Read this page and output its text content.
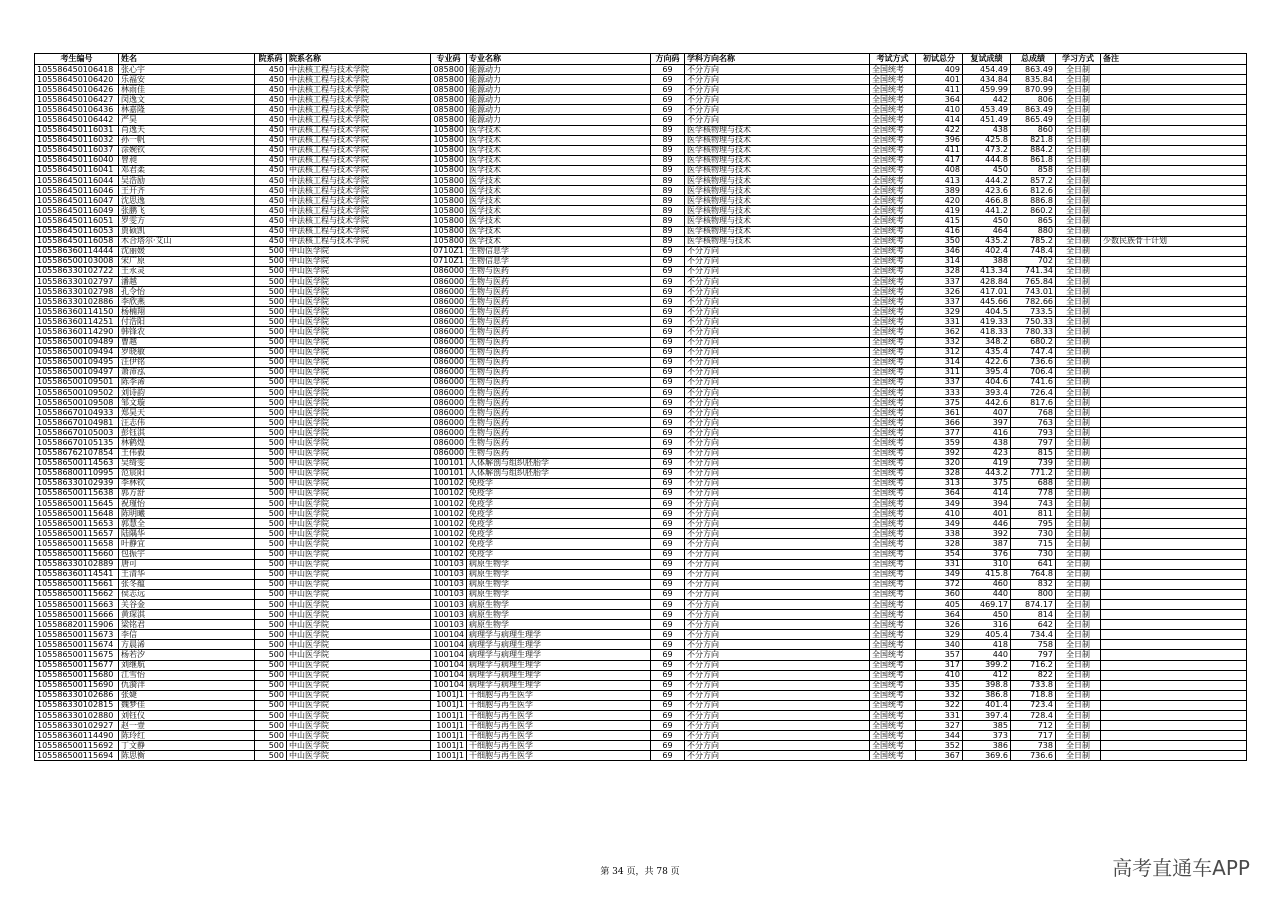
考生编号	姓名	院系码	院系名称	专业码	专业名称	方向码	学科方向名称	考试方式	初试总分	复试成绩	总成绩	学习方式	备注
10558645010641‌8	张心宇	450	中法核工程与技术学院	085800	能源动力	69	不分方向	全国统考	409	454.49	863.49	全日制	
105586450106420	乐福安	450	中法核工程与技术学院	085800	能源动力	69	不分方向	全国统考	401	434.84	835.84	全日制	
105586450106426	林雨佳	450	中法核工程与技术学院	085800	能源动力	69	不分方向	全国统考	411	459.99	870.99	全日制	
105586450106427	闵逸文	450	中法核工程与技术学院	085800	能源动力	69	不分方向	全国统考	364	442	806	全日制	
105586450106436	林嘉隆	450	中法核工程与技术学院	085800	能源动力	69	不分方向	全国统考	410	453.49	863.49	全日制	
105586450106442	严昊	450	中法核工程与技术学院	085800	能源动力	69	不分方向	全国统考	414	451.49	865.49	全日制	
105586450116031	肖逸天	450	中法核工程与技术学院	105800	医学技术	89	医学核物理与技术	全国统考	422	438	860	全日制	
105586450116032	孙一帆	450	中法核工程与技术学院	105800	医学技术	89	医学核物理与技术	全国统考	396	425.8	821.8	全日制	
105586450116037	涂婉钦	450	中法核工程与技术学院	105800	医学技术	89	医学核物理与技术	全国统考	411	473.2	884.2	全日制	
105586450116040	曾昶	450	中法核工程与技术学院	105800	医学技术	89	医学核物理与技术	全国统考	417	444.8	861.8	全日制	
105586450116041	邓君柔	450	中法核工程与技术学院	105800	医学技术	89	医学核物理与技术	全国统考	408	450	858	全日制	
105586450116044	吴浩励	450	中法核工程与技术学院	105800	医学技术	89	医学核物理与技术	全国统考	413	444.2	857.2	全日制	
105586450116046	王开齐	450	中法核工程与技术学院	105800	医学技术	89	医学核物理与技术	全国统考	389	423.6	812.6	全日制	
105586450116047	沈思逸	450	中法核工程与技术学院	105800	医学技术	89	医学核物理与技术	全国统考	420	466.8	886.8	全日制	
105586450116049	张鹏飞	450	中法核工程与技术学院	105800	医学技术	89	医学核物理与技术	全国统考	419	441.2	860.2	全日制	
105586450116051	罗雯方	450	中法核工程与技术学院	105800	医学技术	89	医学核物理与技术	全国统考	415	450	865	全日制	
105586450116053	贾硕凯	450	中法核工程与技术学院	105800	医学技术	89	医学核物理与技术	全国统考	416	464	880	全日制	
105586450116058	木合塔尔·艾山	450	中法核工程与技术学院	105800	医学技术	89	医学核物理与技术	全国统考	350	435.2	785.2	全日制	少数民族骨干计划
105586360114444	沈丽媛	500	中山医学院	0710Z1	生物信息学	69	不分方向	全国统考	346	402.4	748.4	全日制	
105586500103008	宋广原	500	中山医学院	0710Z1	生物信息学	69	不分方向	全国统考	314	388	702	全日制	
105586330102722	王永灵	500	中山医学院	086000	生物与医药	69	不分方向	全国统考	328	413.34	741.34	全日制	
105586330102797	潘越	500	中山医学院	086000	生物与医药	69	不分方向	全国统考	337	428.84	765.84	全日制	
105586330102798	孔令怡	500	中山医学院	086000	生物与医药	69	不分方向	全国统考	326	417.01	743.01	全日制	
105586330102886	李欣燕	500	中山医学院	086000	生物与医药	69	不分方向	全国统考	337	445.66	782.66	全日制	
105586360114150	杨楠翔	500	中山医学院	086000	生物与医药	69	不分方向	全国统考	329	404.5	733.5	全日制	
105586360114251	付浩阳	500	中山医学院	086000	生物与医药	69	不分方向	全国统考	331	419.33	750.33	全日制	
105586360114290	韩锋农	500	中山医学院	086000	生物与医药	69	不分方向	全国统考	362	418.33	780.33	全日制	
105586500109489	曹越	500	中山医学院	086000	生物与医药	69	不分方向	全国统考	332	348.2	680.2	全日制	
105586500109494	罗晓敏	500	中山医学院	086000	生物与医药	69	不分方向	全国统考	312	435.4	747.4	全日制	
105586500109495	汪伊铭	500	中山医学院	086000	生物与医药	69	不分方向	全国统考	314	422.6	736.6	全日制	
105586500109497	萧沛泓	500	中山医学院	086000	生物与医药	69	不分方向	全国统考	311	395.4	706.4	全日制	
105586500109501	陈李浠	500	中山医学院	086000	生物与医药	69	不分方向	全国统考	337	404.6	741.6	全日制	
105586500109502	刘诗韵	500	中山医学院	086000	生物与医药	69	不分方向	全国统考	333	393.4	726.4	全日制	
105586500109508	邹文璇	500	中山医学院	086000	生物与医药	69	不分方向	全国统考	375	442.6	817.6	全日制	
105586670104933	郑昊天	500	中山医学院	086000	生物与医药	69	不分方向	全国统考	361	407	768	全日制	
105586670104981	汪志伟	500	中山医学院	086000	生物与医药	69	不分方向	全国统考	366	397	763	全日制	
105586670105003	彭钰淇	500	中山医学院	086000	生物与医药	69	不分方向	全国统考	377	416	793	全日制	
105586670105135	林鹤煌	500	中山医学院	086000	生物与医药	69	不分方向	全国统考	359	438	797	全日制	
105586762107854	王伟毅	500	中山医学院	086000	生物与医药	69	不分方向	全国统考	392	423	815	全日制	
105586500114563	吴绮雯	500	中山医学院	100101	人体解剖与组织胚胎学	69	不分方向	全国统考	320	419	739	全日制	
105586800110995	范宸阳	500	中山医学院	100101	人体解剖与组织胚胎学	69	不分方向	全国统考	328	443.2	771.2	全日制	
105586330102939	李林钦	500	中山医学院	100102	免疫学	69	不分方向	全国统考	313	375	688	全日制	
105586500115638	郭方舒	500	中山医学院	100102	免疫学	69	不分方向	全国统考	364	414	778	全日制	
105586500115645	祝瑾怡	500	中山医学院	100102	免疫学	69	不分方向	全国统考	349	394	743	全日制	
105586500115648	陈明曦	500	中山医学院	100102	免疫学	69	不分方向	全国统考	410	401	811	全日制	
105586500115653	郭慧全	500	中山医学院	100102	免疫学	69	不分方向	全国统考	349	446	795	全日制	
105586500115657	陆隅华	500	中山医学院	100102	免疫学	69	不分方向	全国统考	338	392	730	全日制	
105586500115658	叶静宜	500	中山医学院	100102	免疫学	69	不分方向	全国统考	328	387	715	全日制	
105586500115660	包振宇	500	中山医学院	100102	免疫学	69	不分方向	全国统考	354	376	730	全日制	
105586330102889	唐可	500	中山医学院	100103	病原生物学	69	不分方向	全国统考	331	310	641	全日制	
105586360114541	王清华	500	中山医学院	100103	病原生物学	69	不分方向	全国统考	349	415.8	764.8	全日制	
105586500115661	张冬蕴	500	中山医学院	100103	病原生物学	69	不分方向	全国统考	372	460	832	全日制	
105586500115662	侯志远	500	中山医学院	100103	病原生物学	69	不分方向	全国统考	360	440	800	全日制	
105586500115663	关谷金	500	中山医学院	100103	病原生物学	69	不分方向	全国统考	405	469.17	874.17	全日制	
105586500115666	黄琛淇	500	中山医学院	100103	病原生物学	69	不分方向	全国统考	364	450	814	全日制	
105586820115906	梁铭君	500	中山医学院	100103	病原生物学	69	不分方向	全国统考	326	316	642	全日制	
105586500115673	李信	500	中山医学院	100104	病理学与病理生理学	69	不分方向	全国统考	329	405.4	734.4	全日制	
105586500115674	方晨浠	500	中山医学院	100104	病理学与病理生理学	69	不分方向	全国统考	340	418	758	全日制	
105586500115675	杨若汐	500	中山医学院	100104	病理学与病理生理学	69	不分方向	全国统考	357	440	797	全日制	
105586500115677	刘继航	500	中山医学院	100104	病理学与病理生理学	69	不分方向	全国统考	317	399.2	716.2	全日制	
105586500115680	江雪怡	500	中山医学院	100104	病理学与病理生理学	69	不分方向	全国统考	410	412	822	全日制	
105586500115690	仇漪洋	500	中山医学院	100104	病理学与病理生理学	69	不分方向	全国统考	335	398.8	733.8	全日制	
105586330102686	张婕	500	中山医学院	1001J1	干细胞与再生医学	69	不分方向	全国统考	332	386.8	718.8	全日制	
105586330102815	魏梦佳	500	中山医学院	1001J1	干细胞与再生医学	69	不分方向	全国统考	322	401.4	723.4	全日制	
105586330102880	刘钰仪	500	中山医学院	1001J1	干细胞与再生医学	69	不分方向	全国统考	331	397.4	728.4	全日制	
105586330102927	赵一壹	500	中山医学院	1001J1	干细胞与再生医学	69	不分方向	全国统考	327	385	712	全日制	
105586360114490	陈玲红	500	中山医学院	1001J1	干细胞与再生医学	69	不分方向	全国统考	344	373	717	全日制	
105586500115692	丁文静	500	中山医学院	1001J1	干细胞与再生医学	69	不分方向	全国统考	352	386	738	全日制	
105586500115694	陈思衡	500	中山医学院	1001J1	干细胞与再生医学	69	不分方向	全国统考	367	369.6	736.6	全日制	
第 34 页，共 78 页	高考直通车APP
